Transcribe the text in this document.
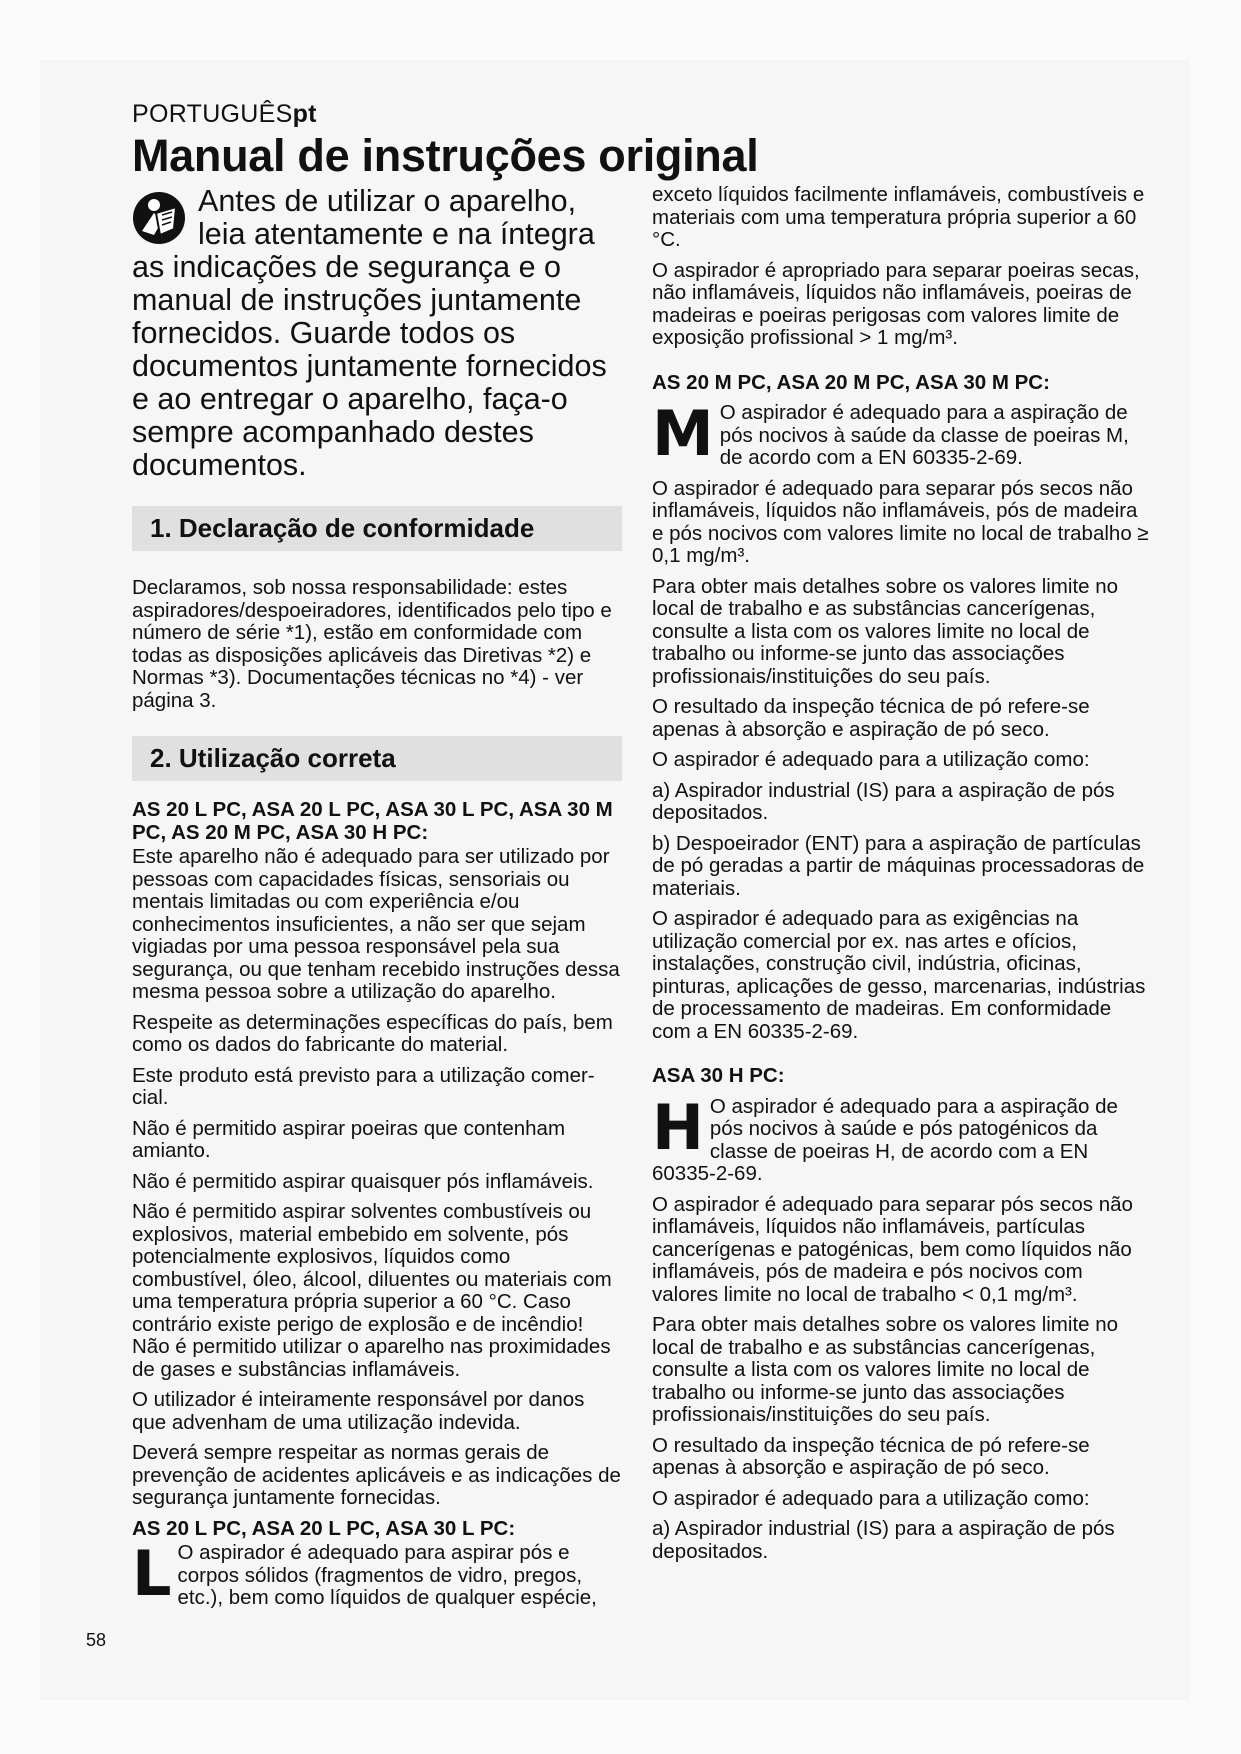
PORTUGUÊSpt
Manual de instruções original

Antes de utilizar o aparelho, leia atentamente e na íntegra as indicações de segurança e o manual de instruções juntamente fornecidos. Guarde todos os documentos juntamente fornecidos e ao entregar o aparelho, faça-o sempre acompanhado destes documentos.

1. Declaração de conformidade

Declaramos, sob nossa responsabilidade: estes aspiradores/despoeiradores, identificados pelo tipo e número de série *1), estão em conformidade com todas as disposições aplicáveis das Diretivas *2) e Normas *3). Documentações técnicas no *4) - ver página 3.

2. Utilização correta
AS 20 L PC, ASA 20 L PC, ASA 30 L PC, ASA 30 M PC, AS 20 M PC, ASA 30 H PC:

Este aparelho não é adequado para ser utilizado por pessoas com capacidades físicas, sensoriais ou mentais limitadas ou com experiência e/ou conhecimentos insuficientes, a não ser que sejam vigiadas por uma pessoa responsável pela sua segurança, ou que tenham recebido instruções dessa mesma pessoa sobre a utilização do aparelho.

Respeite as determinações específicas do país, bem como os dados do fabricante do material.

Este produto está previsto para a utilização comer-cial.

Não é permitido aspirar poeiras que contenham amianto.

Não é permitido aspirar quaisquer pós inflamáveis.

Não é permitido aspirar solventes combustíveis ou explosivos, material embebido em solvente, pós potencialmente explosivos, líquidos como combustível, óleo, álcool, diluentes ou materiais com uma temperatura própria superior a 60 °C. Caso contrário existe perigo de explosão e de incêndio! Não é permitido utilizar o aparelho nas proximidades de gases e substâncias inflamáveis.

O utilizador é inteiramente responsável por danos que advenham de uma utilização indevida.

Deverá sempre respeitar as normas gerais de prevenção de acidentes aplicáveis e as indicações de segurança juntamente fornecidas.

AS 20 L PC, ASA 20 L PC, ASA 30 L PC:

L O aspirador é adequado para aspirar pós e corpos sólidos (fragmentos de vidro, pregos, etc.), bem como líquidos de qualquer espécie,

exceto líquidos facilmente inflamáveis, combustíveis e materiais com uma temperatura própria superior a 60 °C.

O aspirador é apropriado para separar poeiras secas, não inflamáveis, líquidos não inflamáveis, poeiras de madeiras e poeiras perigosas com valores limite de exposição profissional > 1 mg/m³.

AS 20 M PC, ASA 20 M PC, ASA 30 M PC:

M O aspirador é adequado para a aspiração de pós nocivos à saúde da classe de poeiras M, de acordo com a EN 60335-2-69.

O aspirador é adequado para separar pós secos não inflamáveis, líquidos não inflamáveis, pós de madeira e pós nocivos com valores limite no local de trabalho ≥ 0,1 mg/m³.

Para obter mais detalhes sobre os valores limite no local de trabalho e as substâncias cancerígenas, consulte a lista com os valores limite no local de trabalho ou informe-se junto das associações profissionais/instituições do seu país.

O resultado da inspeção técnica de pó refere-se apenas à absorção e aspiração de pó seco.

O aspirador é adequado para a utilização como:

a) Aspirador industrial (IS) para a aspiração de pós depositados.

b) Despoeirador (ENT) para a aspiração de partículas de pó geradas a partir de máquinas processadoras de materiais.

O aspirador é adequado para as exigências na utilização comercial por ex. nas artes e ofícios, instalações, construção civil, indústria, oficinas, pinturas, aplicações de gesso, marcenarias, indústrias de processamento de madeiras. Em conformidade com a EN 60335-2-69.

ASA 30 H PC:

H O aspirador é adequado para a aspiração de pós nocivos à saúde e pós patogénicos da classe de poeiras H, de acordo com a EN 60335-2-69.

O aspirador é adequado para separar pós secos não inflamáveis, líquidos não inflamáveis, partículas cancerígenas e patogénicas, bem como líquidos não inflamáveis, pós de madeira e pós nocivos com valores limite no local de trabalho < 0,1 mg/m³.

Para obter mais detalhes sobre os valores limite no local de trabalho e as substâncias cancerígenas, consulte a lista com os valores limite no local de trabalho ou informe-se junto das associações profissionais/instituições do seu país.

O resultado da inspeção técnica de pó refere-se apenas à absorção e aspiração de pó seco.

O aspirador é adequado para a utilização como:

a) Aspirador industrial (IS) para a aspiração de pós depositados.

58
